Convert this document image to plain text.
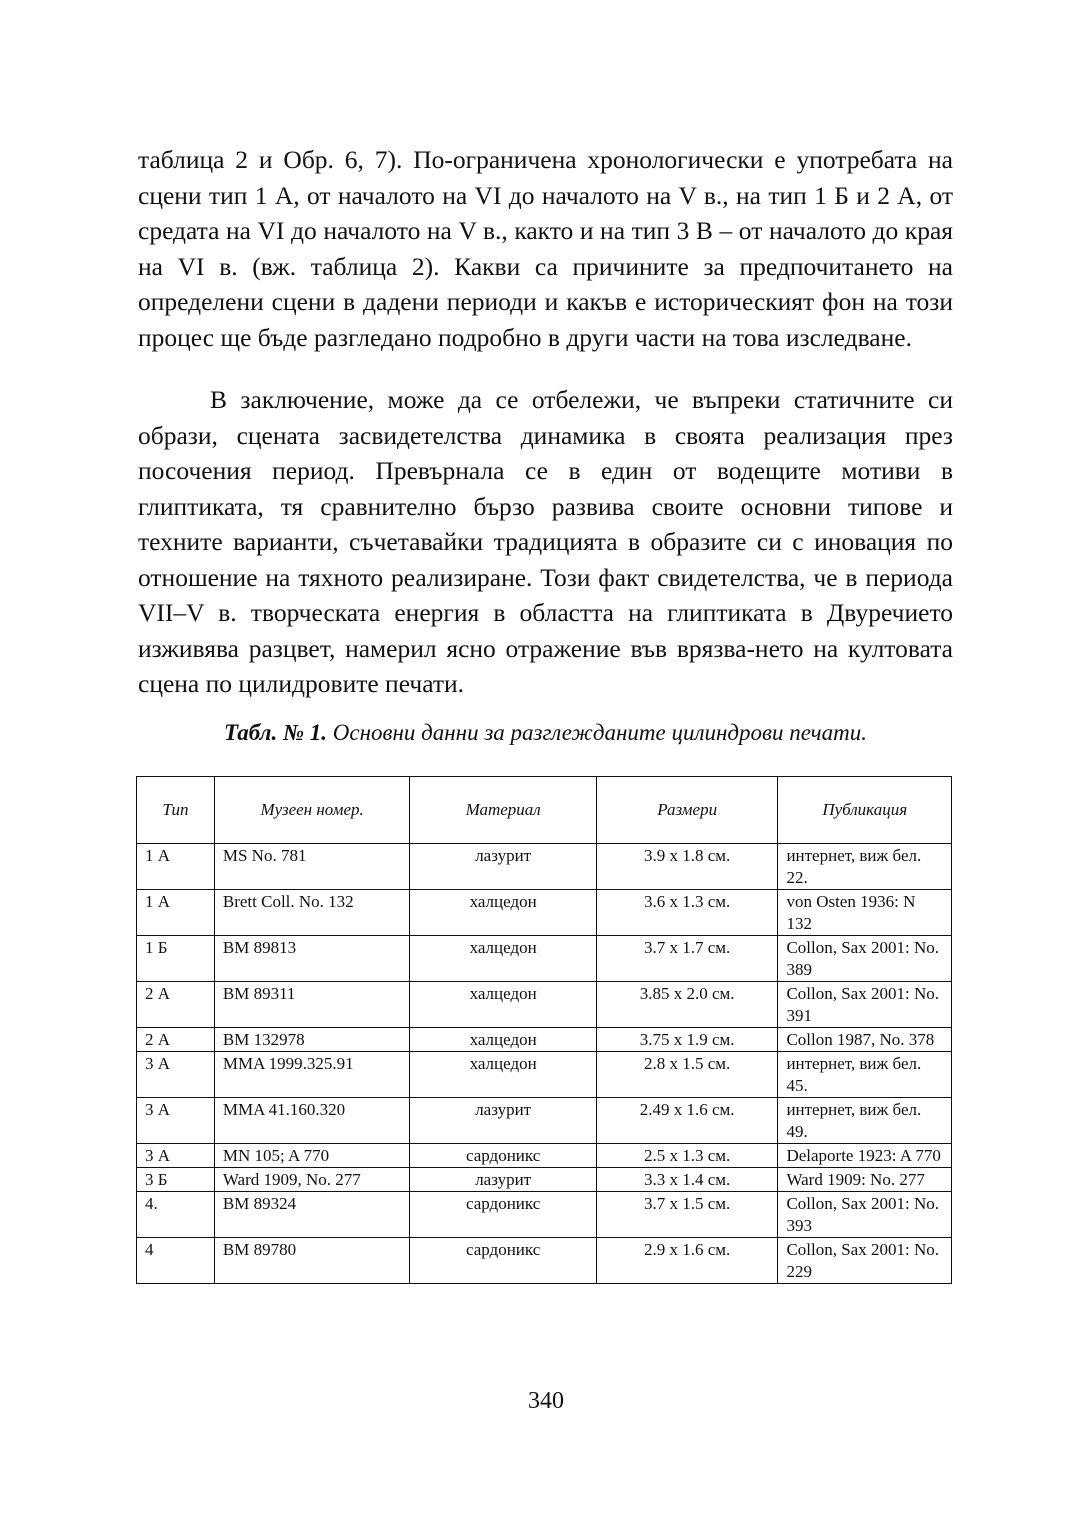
таблица 2 и Обр. 6, 7). По-ограничена хронологически е употребата на сцени тип 1 А, от началото на VI до началото на V в., на тип 1 Б и 2 А, от средата на VI до началото на V в., както и на тип 3 В – от началото до края на VI в. (вж. таблица 2). Какви са причините за предпочитането на определени сцени в дадени периоди и какъв е историческият фон на този процес ще бъде разгледано подробно в други части на това изследване.
В заключение, може да се отбележи, че въпреки статичните си образи, сцената засвидетелства динамика в своята реализация през посочения период. Превърнала се в един от водещите мотиви в глиптиката, тя сравнително бързо развива своите основни типове и техните варианти, съчетавайки традицията в образите си с иновация по отношение на тяхното реализиране. Този факт свидетелства, че в периода VII–V в. творческата енергия в областта на глиптиката в Двуречието изживява разцвет, намерил ясно отражение във врязва-нето на култовата сцена по цилидровите печати.
Табл. № 1. Основни данни за разглежданите цилиндрови печати.
Тип	Музеен номер.	Материал	Размери	Публикация
1 А	MS No. 781	лазурит	3.9 х 1.8 см.	интернет, виж бел. 22.
1 А	Brett Coll. No. 132	халцедон	3.6 х 1.3 см.	von Osten 1936: N 132
1 Б	BM 89813	халцедон	3.7 х 1.7 см.	Collon, Sax 2001: No. 389
2 А	BM 89311	халцедон	3.85 х 2.0 см.	Collon, Sax 2001: No. 391
2 А	BM 132978	халцедон	3.75 х 1.9 см.	Collon 1987, No. 378
3 А	MMA 1999.325.91	халцедон	2.8 х 1.5 см.	интернет, виж бел. 45.
3 А	MMA 41.160.320	лазурит	2.49 х 1.6 см.	интернет, виж бел. 49.
3 А	MN 105; A 770	сардоникс	2.5 х 1.3 см.	Delaporte 1923: A 770
3 Б	Ward 1909, No. 277	лазурит	3.3 х 1.4 см.	Ward 1909: No. 277
4.	BM 89324	сардоникс	3.7 х 1.5 см.	Collon, Sax 2001: No. 393
4	BM 89780	сардоникс	2.9 х 1.6 см.	Collon, Sax 2001: No. 229
340
